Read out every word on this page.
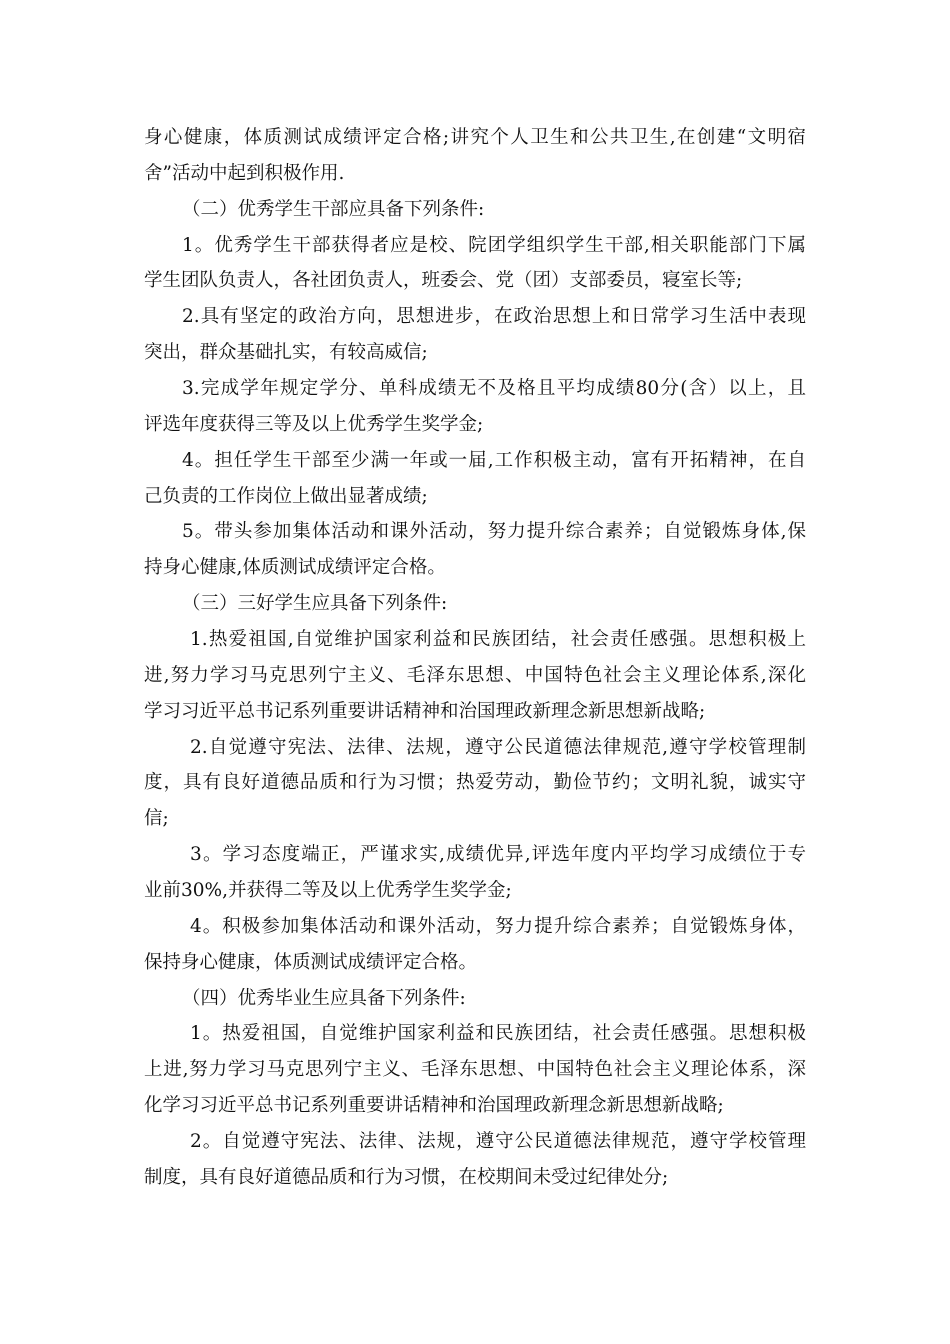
身心健康，体质测试成绩评定合格;讲究个人卫生和公共卫生,在创建“文明宿
舍”活动中起到积极作用.
（二）优秀学生干部应具备下列条件:
1。优秀学生干部获得者应是校、院团学组织学生干部,相关职能部门下属
学生团队负责人，各社团负责人，班委会、党（团）支部委员，寝室长等;
2.具有坚定的政治方向，思想进步，在政治思想上和日常学习生活中表现
突出，群众基础扎实，有较高威信;
3.完成学年规定学分、单科成绩无不及格且平均成绩80分(含）以上，且
评选年度获得三等及以上优秀学生奖学金;
4。担任学生干部至少满一年或一届,工作积极主动，富有开拓精神，在自
己负责的工作岗位上做出显著成绩;
5。带头参加集体活动和课外活动，努力提升综合素养；自觉锻炼身体,保
持身心健康,体质测试成绩评定合格。
（三）三好学生应具备下列条件:
1.热爱祖国,自觉维护国家利益和民族团结，社会责任感强。思想积极上
进,努力学习马克思列宁主义、毛泽东思想、中国特色社会主义理论体系,深化
学习习近平总书记系列重要讲话精神和治国理政新理念新思想新战略;
2.自觉遵守宪法、法律、法规，遵守公民道德法律规范,遵守学校管理制
度，具有良好道德品质和行为习惯；热爱劳动，勤俭节约；文明礼貌，诚实守
信;
3。学习态度端正，严谨求实,成绩优异,评选年度内平均学习成绩位于专
业前30%,并获得二等及以上优秀学生奖学金;
4。积极参加集体活动和课外活动，努力提升综合素养；自觉锻炼身体，
保持身心健康，体质测试成绩评定合格。
（四）优秀毕业生应具备下列条件:
1。热爱祖国，自觉维护国家利益和民族团结，社会责任感强。思想积极
上进,努力学习马克思列宁主义、毛泽东思想、中国特色社会主义理论体系，深
化学习习近平总书记系列重要讲话精神和治国理政新理念新思想新战略;
2。自觉遵守宪法、法律、法规，遵守公民道德法律规范，遵守学校管理
制度，具有良好道德品质和行为习惯，在校期间未受过纪律处分;
